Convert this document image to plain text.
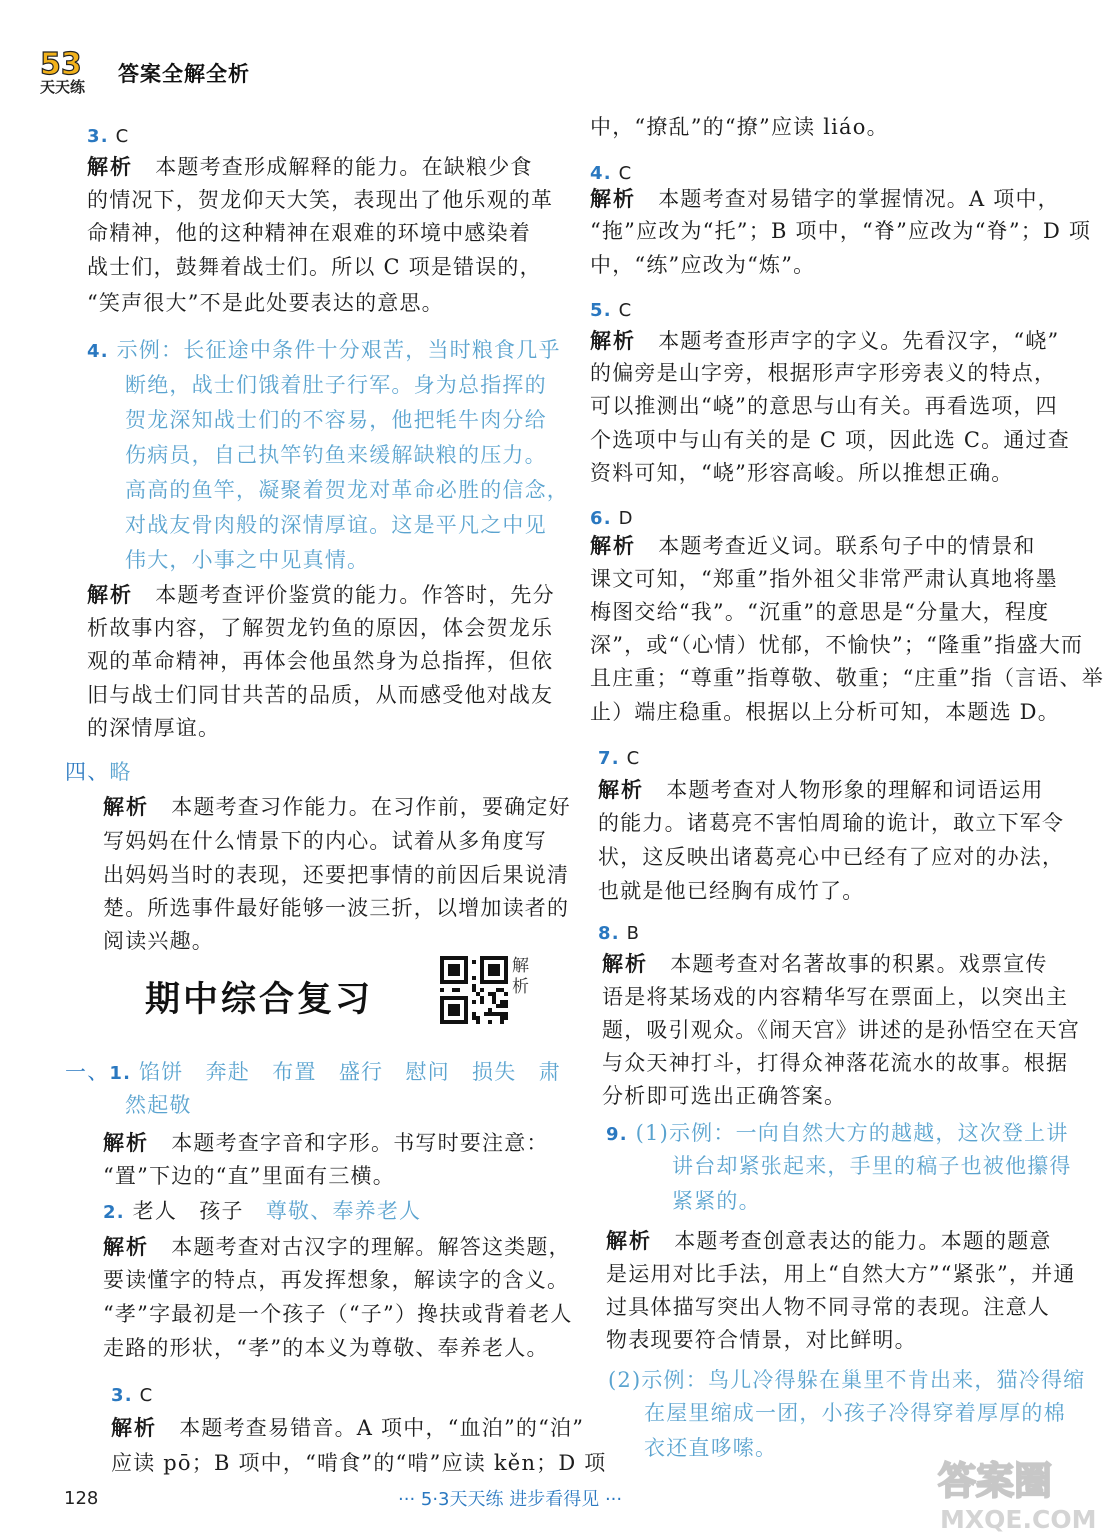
53
天天练
答案全解全析
3. C
解析　本题考查形成解释的能力。在缺粮少食
的情况下，贺龙仰天大笑，表现出了他乐观的革
命精神，他的这种精神在艰难的环境中感染着
战士们，鼓舞着战士们。所以 C 项是错误的，
“笑声很大”不是此处要表达的意思。
4. 示例：长征途中条件十分艰苦，当时粮食几乎
断绝，战士们饿着肚子行军。身为总指挥的
贺龙深知战士们的不容易，他把牦牛肉分给
伤病员，自己执竿钓鱼来缓解缺粮的压力。
高高的鱼竿，凝聚着贺龙对革命必胜的信念，
对战友骨肉般的深情厚谊。这是平凡之中见
伟大，小事之中见真情。
解析　本题考查评价鉴赏的能力。作答时，先分
析故事内容，了解贺龙钓鱼的原因，体会贺龙乐
观的革命精神，再体会他虽然身为总指挥，但依
旧与战士们同甘共苦的品质，从而感受他对战友
的深情厚谊。
四、略
解析　本题考查习作能力。在习作前，要确定好
写妈妈在什么情景下的内心。试着从多角度写
出妈妈当时的表现，还要把事情的前因后果说清
楚。所选事件最好能够一波三折，以增加读者的
阅读兴趣。
一、1. 馅饼　奔赴　布置　盛行　慰问　损失　肃
然起敬
解析　本题考查字音和字形。书写时要注意：
“置”下边的“直”里面有三横。
2. 老人　孩子　尊敬、奉养老人
解析　本题考查对古汉字的理解。解答这类题，
要读懂字的特点，再发挥想象，解读字的含义。
“孝”字最初是一个孩子（“子”）搀扶或背着老人
走路的形状，“孝”的本义为尊敬、奉养老人。
3. C
解析　本题考查易错音。A 项中，“血泊”的“泊”
应读 pō；B 项中，“啃食”的“啃”应读 kěn；D 项
中，“撩乱”的“撩”应读 liáo。
4. C
解析　本题考查对易错字的掌握情况。A 项中，
“拖”应改为“托”；B 项中，“脊”应改为“脊”；D 项
中，“练”应改为“炼”。
5. C
解析　本题考查形声字的字义。先看汉字，“峣”
的偏旁是山字旁，根据形声字形旁表义的特点，
可以推测出“峣”的意思与山有关。再看选项，四
个选项中与山有关的是 C 项，因此选 C。通过查
资料可知，“峣”形容高峻。所以推想正确。
6. D
解析　本题考查近义词。联系句子中的情景和
课文可知，“郑重”指外祖父非常严肃认真地将墨
梅图交给“我”。“沉重”的意思是“分量大，程度
深”，或“（心情）忧郁，不愉快”；“隆重”指盛大而
且庄重；“尊重”指尊敬、敬重；“庄重”指（言语、举
止）端庄稳重。根据以上分析可知，本题选 D。
7. C
解析　本题考查对人物形象的理解和词语运用
的能力。诸葛亮不害怕周瑜的诡计，敢立下军令
状，这反映出诸葛亮心中已经有了应对的办法，
也就是他已经胸有成竹了。
8. B
解析　本题考查对名著故事的积累。戏票宣传
语是将某场戏的内容精华写在票面上，以突出主
题，吸引观众。《闹天宫》讲述的是孙悟空在天宫
与众天神打斗，打得众神落花流水的故事。根据
分析即可选出正确答案。
9. (1)示例：一向自然大方的越越，这次登上讲
讲台却紧张起来，手里的稿子也被他攥得
紧紧的。
解析　本题考查创意表达的能力。本题的题意
是运用对比手法，用上“自然大方”“紧张”，并通
过具体描写突出人物不同寻常的表现。注意人
物表现要符合情景，对比鲜明。
(2)示例：鸟儿冷得躲在巢里不肯出来，猫冷得缩
在屋里缩成一团，小孩子冷得穿着厚厚的棉
衣还直哆嗦。
期中综合复习
解析
128	··· 5·3天天练 进步看得见 ···	答案圈
MXQE.COM
